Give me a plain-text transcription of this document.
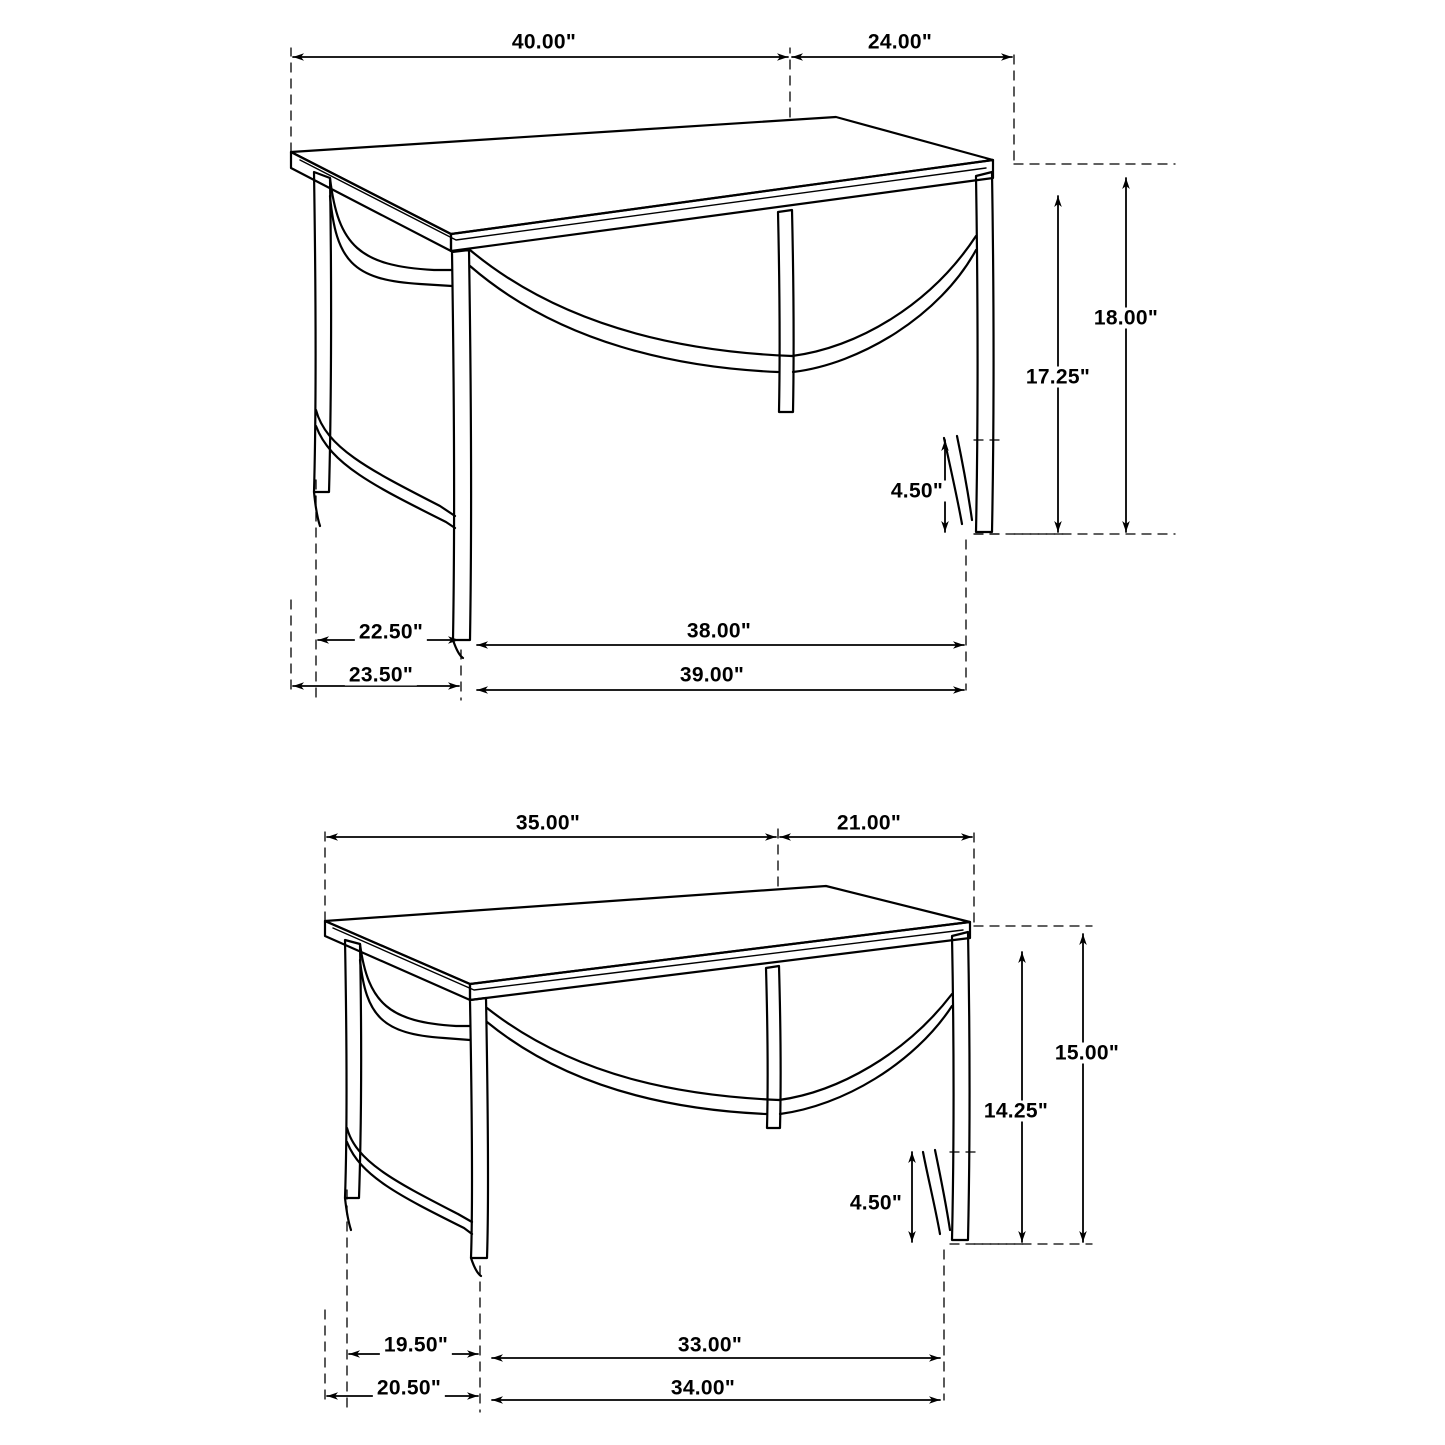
40.00"	24.00"
18.00"
17.25"
4.50"
22.50"	38.00"
23.50"	39.00"
35.00"	21.00"
15.00"
14.25"
4.50"
19.50"	33.00"
20.50"	34.00"
